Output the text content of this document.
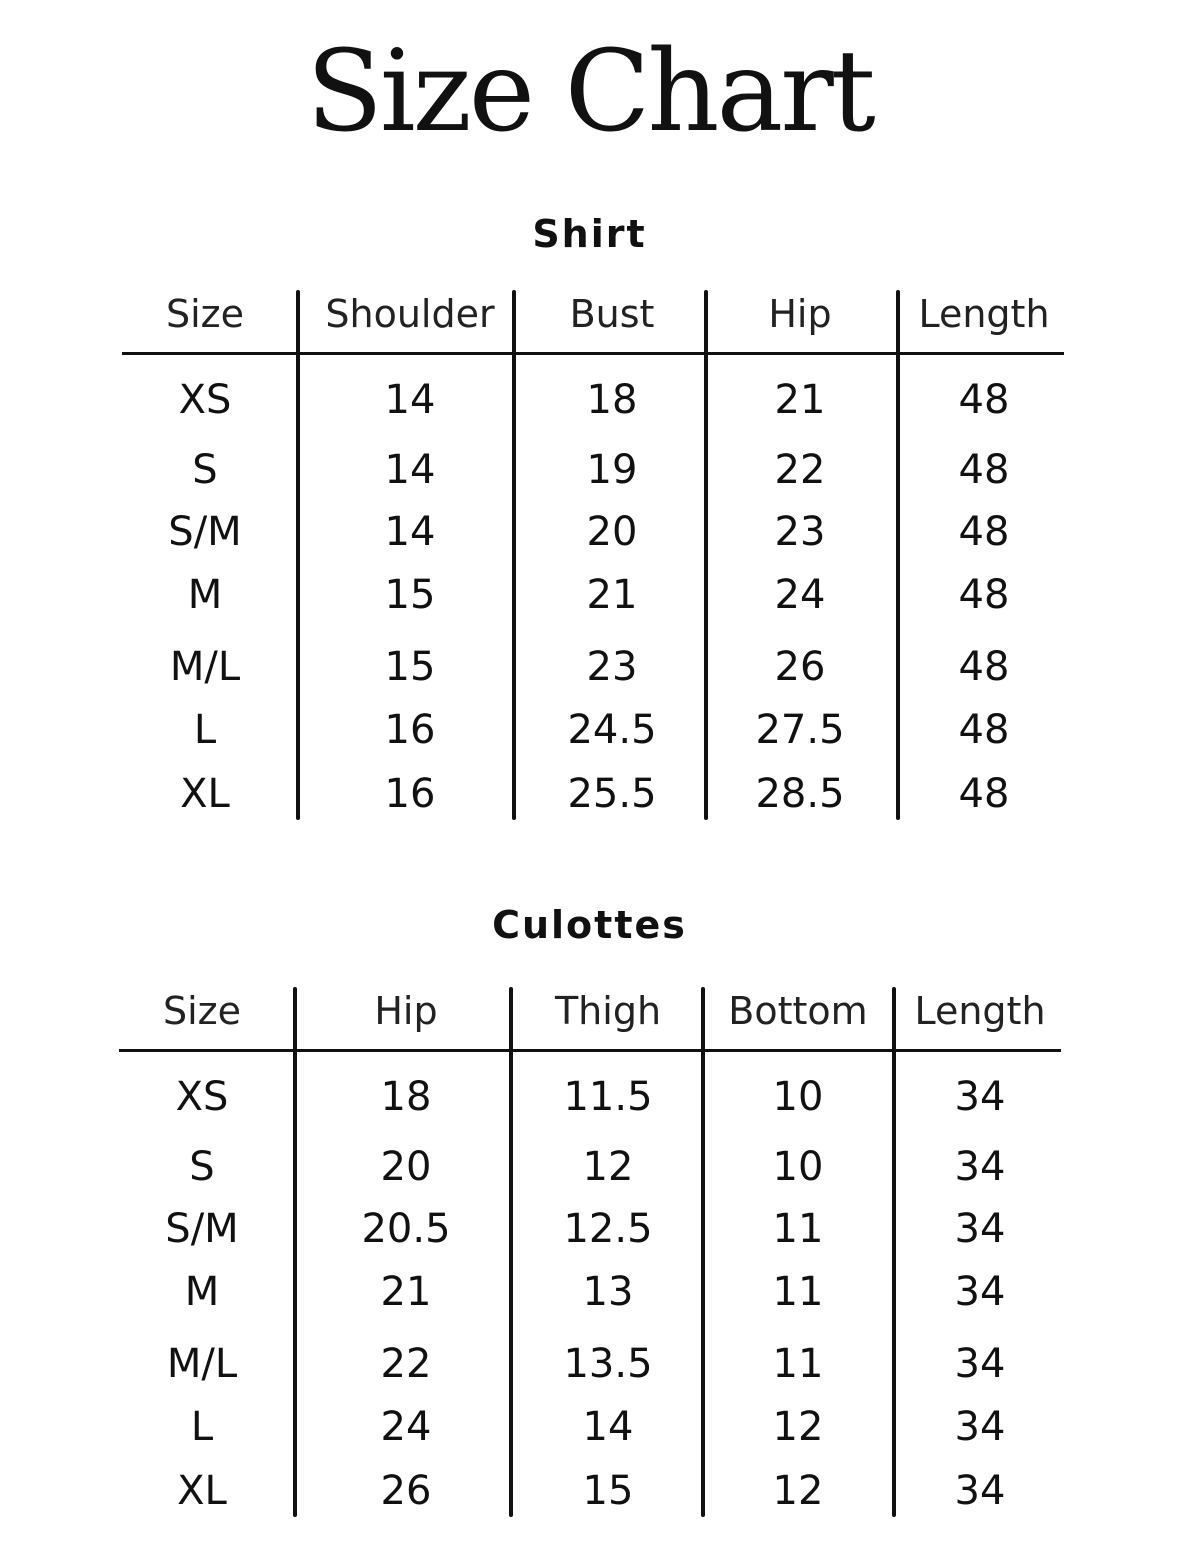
Size Chart
Shirt
Size	Shoulder	Bust	Hip	Length
XS	14	18	21	48
S	14	19	22	48
S/M	14	20	23	48
M	15	21	24	48
M/L	15	23	26	48
L	16	24.5	27.5	48
XL	16	25.5	28.5	48
Culottes
Size	Hip	Thigh	Bottom	Length
XS	18	11.5	10	34
S	20	12	10	34
S/M	20.5	12.5	11	34
M	21	13	11	34
M/L	22	13.5	11	34
L	24	14	12	34
XL	26	15	12	34
